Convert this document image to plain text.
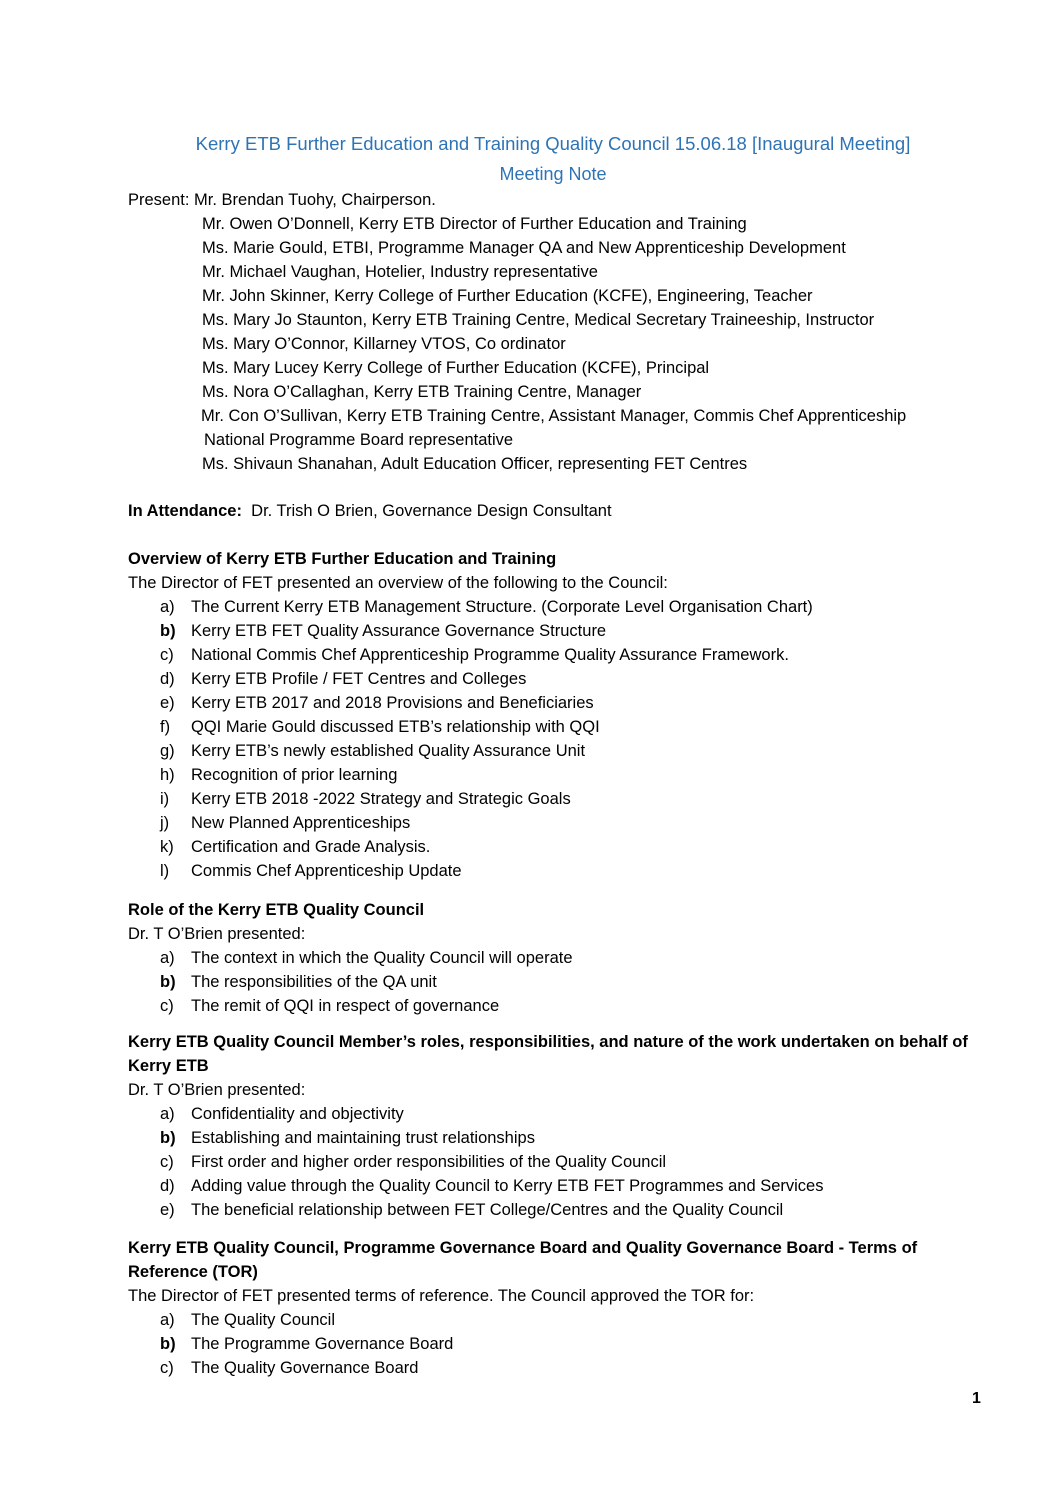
Kerry ETB Further Education and Training Quality Council 15.06.18 [Inaugural Meeting]
Meeting Note
Present: Mr. Brendan Tuohy, Chairperson.
Mr. Owen O’Donnell, Kerry ETB Director of Further Education and Training
Ms. Marie Gould, ETBI, Programme Manager QA and New Apprenticeship Development
Mr. Michael Vaughan, Hotelier, Industry representative
Mr. John Skinner, Kerry College of Further Education (KCFE), Engineering, Teacher
Ms. Mary Jo Staunton, Kerry ETB Training Centre, Medical Secretary Traineeship, Instructor
Ms. Mary O’Connor, Killarney VTOS, Co ordinator
Ms. Mary Lucey Kerry College of Further Education (KCFE), Principal
Ms. Nora O’Callaghan, Kerry ETB Training Centre, Manager
Mr. Con O’Sullivan, Kerry ETB Training Centre, Assistant Manager, Commis Chef Apprenticeship
National Programme Board representative
Ms. Shivaun Shanahan, Adult Education Officer, representing FET Centres
In Attendance: Dr. Trish O Brien, Governance Design Consultant

Overview of Kerry ETB Further Education and Training

The Director of FET presented an overview of the following to the Council:

a) The Current Kerry ETB Management Structure. (Corporate Level Organisation Chart)
b) Kerry ETB FET Quality Assurance Governance Structure
c)	National Commis Chef Apprenticeship Programme Quality Assurance Framework.
d) Kerry ETB Profile / FET Centres and Colleges
e) Kerry ETB 2017 and 2018 Provisions and Beneficiaries
f)	QQI Marie Gould discussed ETB’s relationship with QQI
g) Kerry ETB’s newly established Quality Assurance Unit
h) Recognition of prior learning
i)	Kerry ETB 2018 -2022 Strategy and Strategic Goals
j)	New Planned Apprenticeships
k)	Certification and Grade Analysis.
l)	Commis Chef Apprenticeship Update

Role of the Kerry ETB Quality Council

Dr. T O’Brien presented:

a) The context in which the Quality Council will operate
b) The responsibilities of the QA unit
c)	The remit of QQI in respect of governance

Kerry ETB Quality Council Member’s roles, responsibilities, and nature of the work undertaken on behalf of Kerry ETB

Dr. T O’Brien presented:

a) Confidentiality and objectivity
b) Establishing and maintaining trust relationships
c)	First order and higher order responsibilities of the Quality Council
d) Adding value through the Quality Council to Kerry ETB FET Programmes and Services
e) The beneficial relationship between FET College/Centres and the Quality Council

Kerry ETB Quality Council, Programme Governance Board and Quality Governance Board - Terms of Reference (TOR)

The Director of FET presented terms of reference. The Council approved the TOR for:

a) The Quality Council
b) The Programme Governance Board
c)	The Quality Governance Board
1
